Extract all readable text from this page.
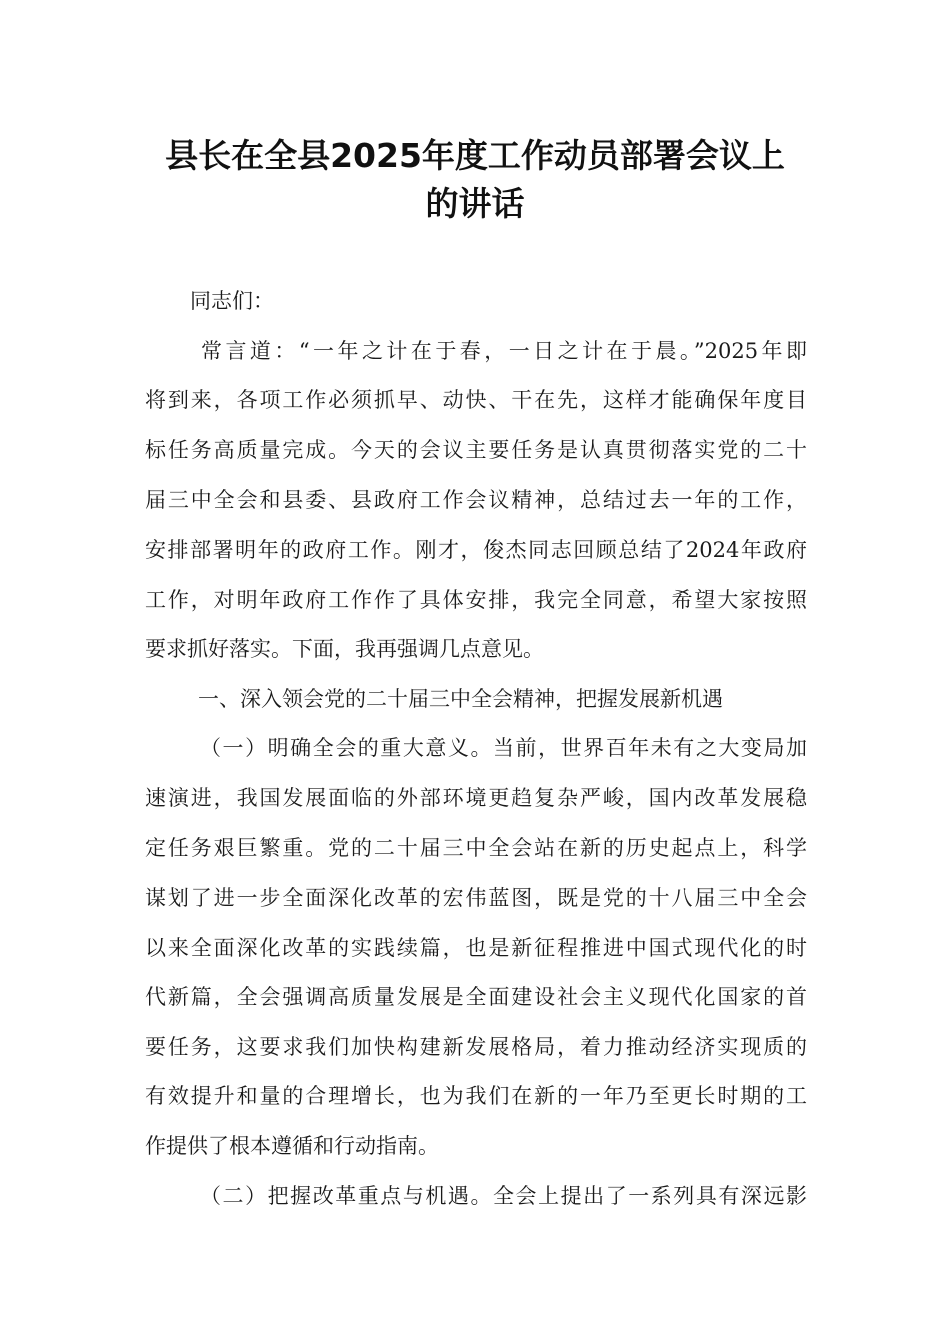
县长在全县2025年度工作动员部署会议上
的讲话
同志们：
常言道：“一年之计在于春，一日之计在于晨。”2025年即
将到来，各项工作必须抓早、动快、干在先，这样才能确保年度目
标任务高质量完成。今天的会议主要任务是认真贯彻落实党的二十
届三中全会和县委、县政府工作会议精神，总结过去一年的工作，
安排部署明年的政府工作。刚才，俊杰同志回顾总结了2024年政府
工作，对明年政府工作作了具体安排，我完全同意，希望大家按照
要求抓好落实。下面，我再强调几点意见。
一、深入领会党的二十届三中全会精神，把握发展新机遇
（一）明确全会的重大意义。当前，世界百年未有之大变局加
速演进，我国发展面临的外部环境更趋复杂严峻，国内改革发展稳
定任务艰巨繁重。党的二十届三中全会站在新的历史起点上，科学
谋划了进一步全面深化改革的宏伟蓝图，既是党的十八届三中全会
以来全面深化改革的实践续篇，也是新征程推进中国式现代化的时
代新篇，全会强调高质量发展是全面建设社会主义现代化国家的首
要任务，这要求我们加快构建新发展格局，着力推动经济实现质的
有效提升和量的合理增长，也为我们在新的一年乃至更长时期的工
作提供了根本遵循和行动指南。
（二）把握改革重点与机遇。全会上提出了一系列具有深远影
